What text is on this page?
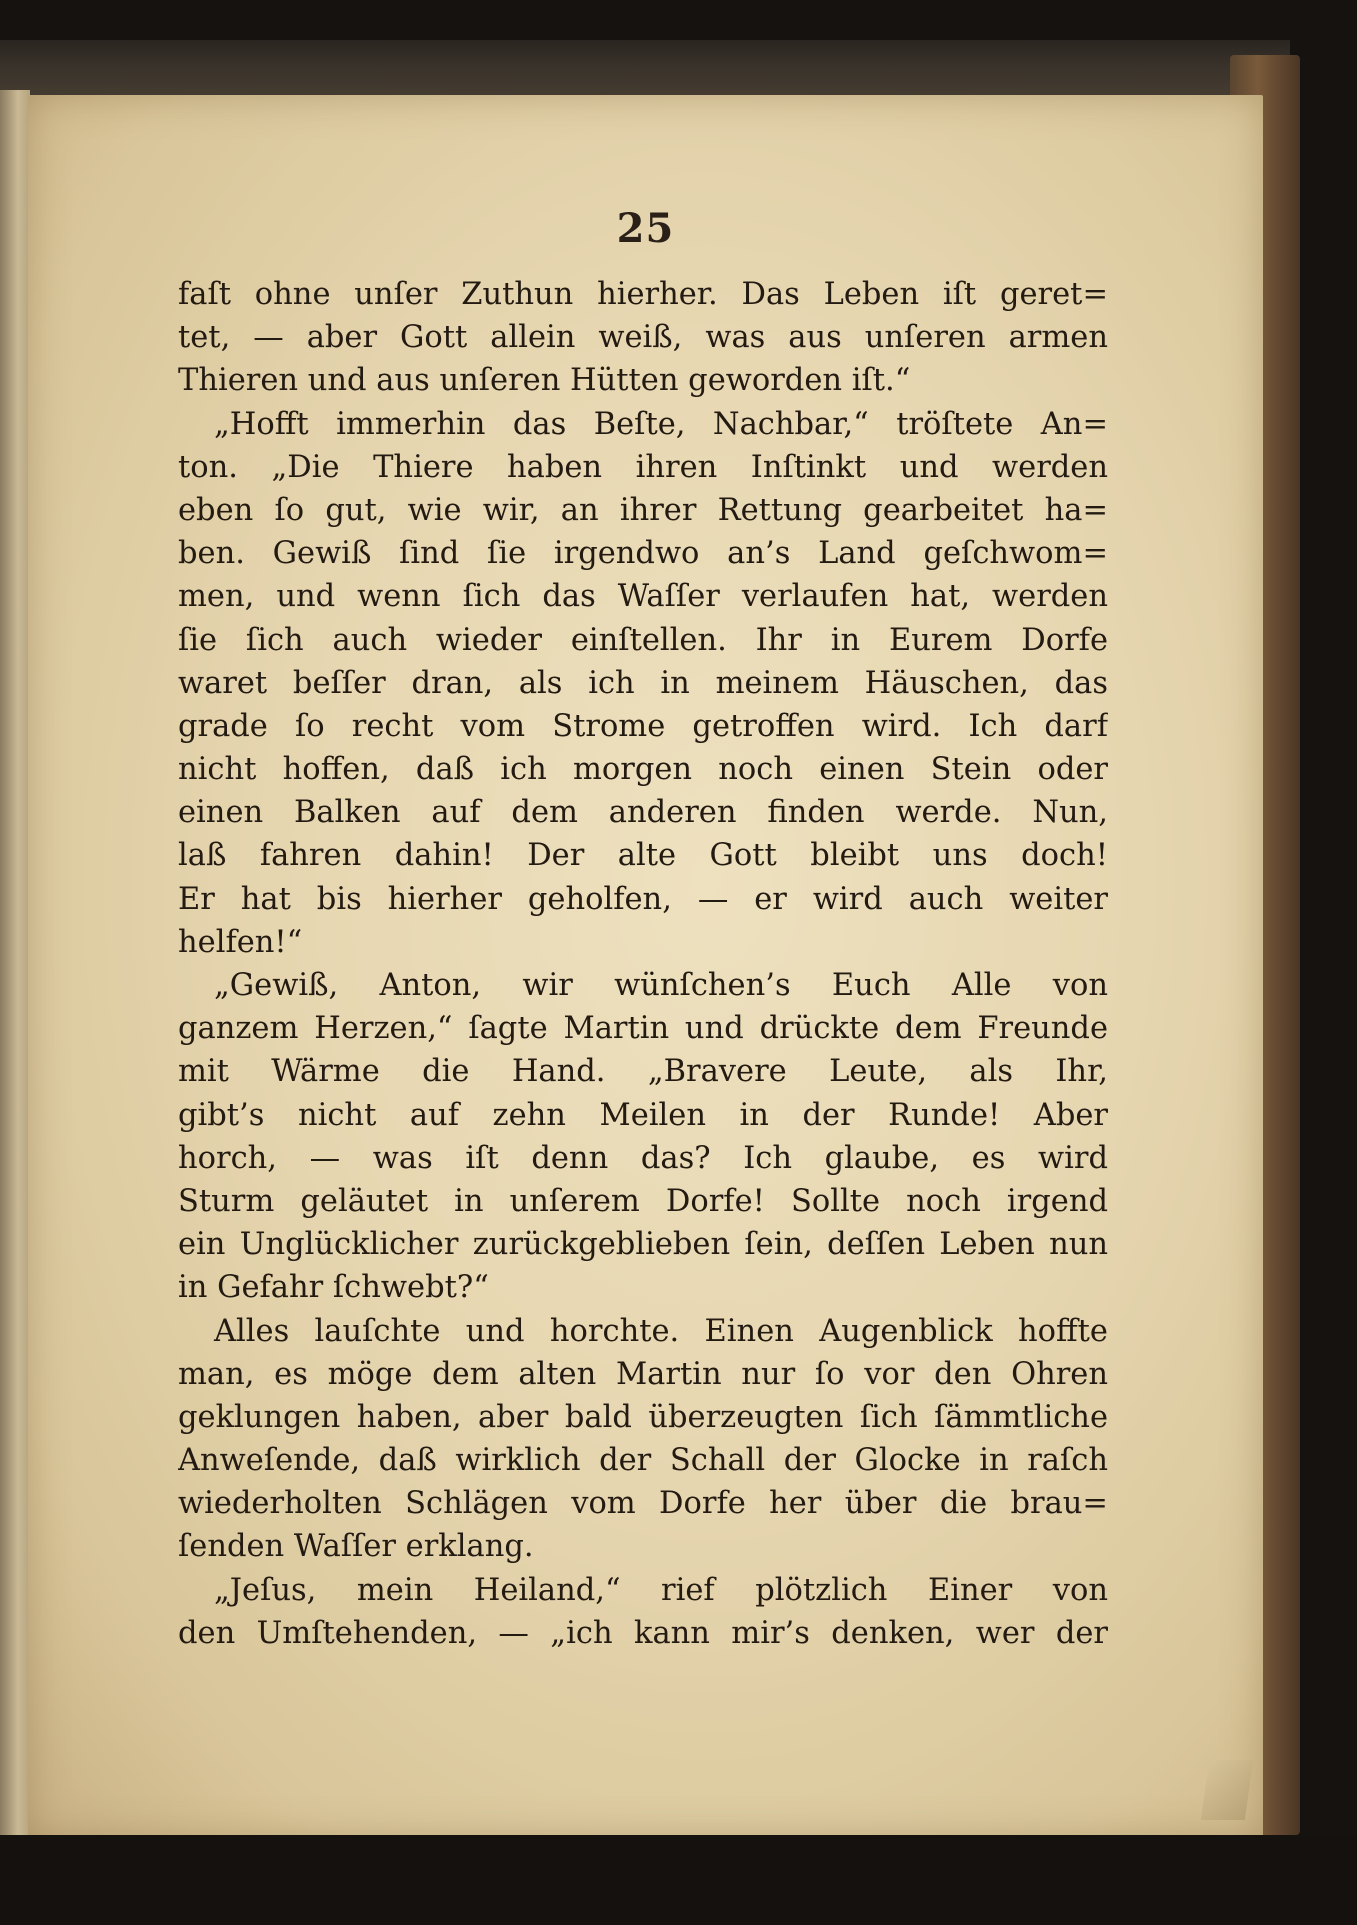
25
faſt ohne unſer Zuthun hierher. Das Leben iſt geret=
tet, — aber Gott allein weiß, was aus unſeren armen
Thieren und aus unſeren Hütten geworden iſt.“
„Hofft immerhin das Beſte, Nachbar,“ tröſtete An=
ton. „Die Thiere haben ihren Inſtinkt und werden
eben ſo gut, wie wir, an ihrer Rettung gearbeitet ha=
ben. Gewiß ſind ſie irgendwo an’s Land geſchwom=
men, und wenn ſich das Waſſer verlaufen hat, werden
ſie ſich auch wieder einſtellen. Ihr in Eurem Dorfe
waret beſſer dran, als ich in meinem Häuschen, das
grade ſo recht vom Strome getroffen wird. Ich darf
nicht hoffen, daß ich morgen noch einen Stein oder
einen Balken auf dem anderen finden werde. Nun,
laß fahren dahin! Der alte Gott bleibt uns doch!
Er hat bis hierher geholfen, — er wird auch weiter
helfen!“
„Gewiß, Anton, wir wünſchen’s Euch Alle von
ganzem Herzen,“ ſagte Martin und drückte dem Freunde
mit Wärme die Hand. „Bravere Leute, als Ihr,
gibt’s nicht auf zehn Meilen in der Runde! Aber
horch, — was iſt denn das? Ich glaube, es wird
Sturm geläutet in unſerem Dorfe! Sollte noch irgend
ein Unglücklicher zurückgeblieben ſein, deſſen Leben nun
in Gefahr ſchwebt?“
Alles lauſchte und horchte. Einen Augenblick hoffte
man, es möge dem alten Martin nur ſo vor den Ohren
geklungen haben, aber bald überzeugten ſich ſämmtliche
Anweſende, daß wirklich der Schall der Glocke in raſch
wiederholten Schlägen vom Dorfe her über die brau=
ſenden Waſſer erklang.
„Jeſus, mein Heiland,“ rief plötzlich Einer von
den Umſtehenden, — „ich kann mir’s denken, wer der
